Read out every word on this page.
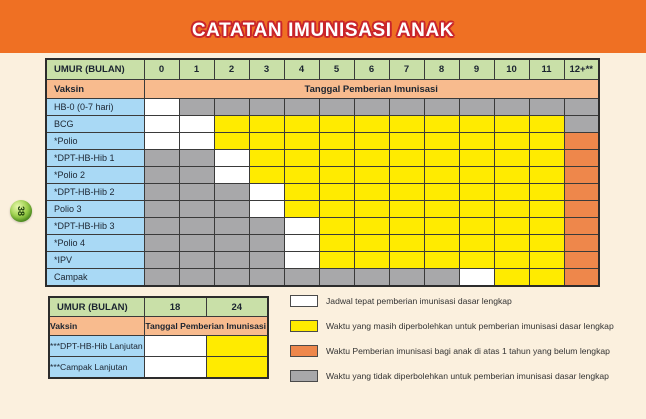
CATATAN IMUNISASI ANAK
38
UMUR (BULAN)	0	1	2	3	4	5	6	7	8	9	10	11	12+**
Vaksin	Tanggal Pemberian Imunisasi												
HB-0 (0-7 hari)													
BCG													
*Polio													
*DPT-HB-Hib 1													
*Polio 2													
*DPT-HB-Hib 2													
Polio 3													
*DPT-HB-Hib 3													
*Polio 4													
*IPV													
Campak													
UMUR (BULAN)	18	24
Vaksin	Tanggal Pemberian Imunisasi	
***DPT-HB-Hib Lanjutan		
***Campak Lanjutan		
Jadwal tepat pemberian imunisasi dasar lengkap
Waktu yang masih diperbolehkan untuk pemberian imunisasi dasar lengkap
Waktu Pemberian imunisasi bagi anak di atas 1 tahun yang belum lengkap
Waktu yang tidak diperbolehkan untuk pemberian imunisasi dasar lengkap
